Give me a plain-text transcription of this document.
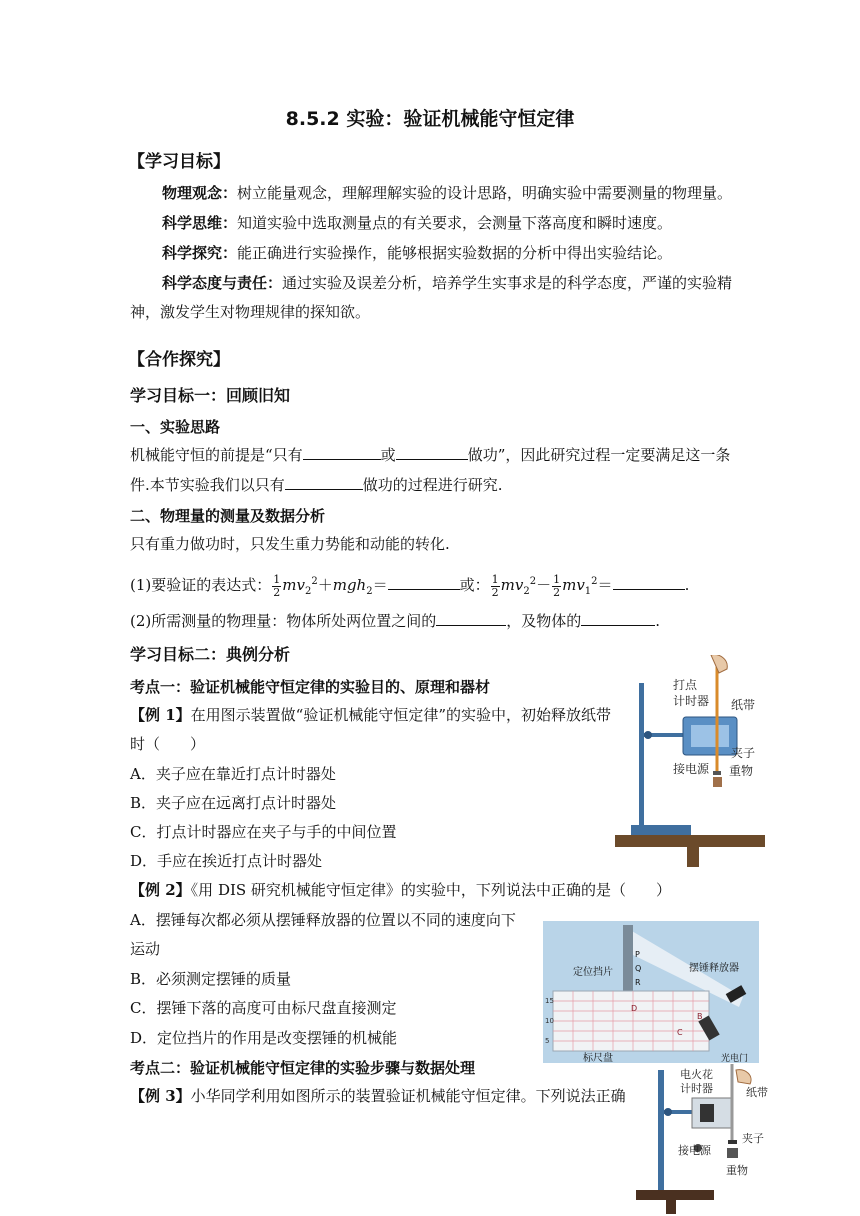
8.5.2 实验：验证机械能守恒定律
【学习目标】
物理观念：树立能量观念，理解理解实验的设计思路，明确实验中需要测量的物理量。
科学思维：知道实验中选取测量点的有关要求，会测量下落高度和瞬时速度。
科学探究：能正确进行实验操作，能够根据实验数据的分析中得出实验结论。
科学态度与责任：通过实验及误差分析，培养学生实事求是的科学态度，严谨的实验精
神，激发学生对物理规律的探知欲。
【合作探究】
学习目标一：回顾旧知
一、实验思路
机械能守恒的前提是“只有	或	做功”，因此研究过程一定要满足这一条
件.本节实验我们以只有	做功的过程进行研究.
二、物理量的测量及数据分析
只有重力做功时，只发生重力势能和动能的转化.
(1)要验证的表达式： $\frac{1}{2} mv_2^2+mgh_2=$	或： $\frac{1}{2} mv_2^2- \frac{1}{2} mv_1^2=$	.
(2)所需测量的物理量：物体所处两位置之间的	，及物体的	.
学习目标二：典例分析
考点一：验证机械能守恒定律的实验目的、原理和器材
【例 1】在用图示装置做“验证机械能守恒定律”的实验中，初始释放纸带
时（　　）
A．夹子应在靠近打点计时器处
B．夹子应在远离打点计时器处
C．打点计时器应在夹子与手的中间位置
D．手应在挨近打点计时器处
【例 2】《用 DIS 研究机械能守恒定律》的实验中，下列说法中正确的是（　　）
A．摆锤每次都必须从摆锤释放器的位置以不同的速度向下
运动
B．必须测定摆锤的质量
C．摆锤下落的高度可由标尺盘直接测定
D．定位挡片的作用是改变摆锤的机械能
考点二：验证机械能守恒定律的实验步骤与数据处理
【例 3】小华同学利用如图所示的装置验证机械能守恒定律。下列说法正确
打点
计时器 纸带
夹子
重物
接电源
定位挡片	摆锤释放器
P
Q
R
15
10
5
D
C
B
标尺盘	光电门
电火花
计时器	纸带
夹子
重物
接电源
